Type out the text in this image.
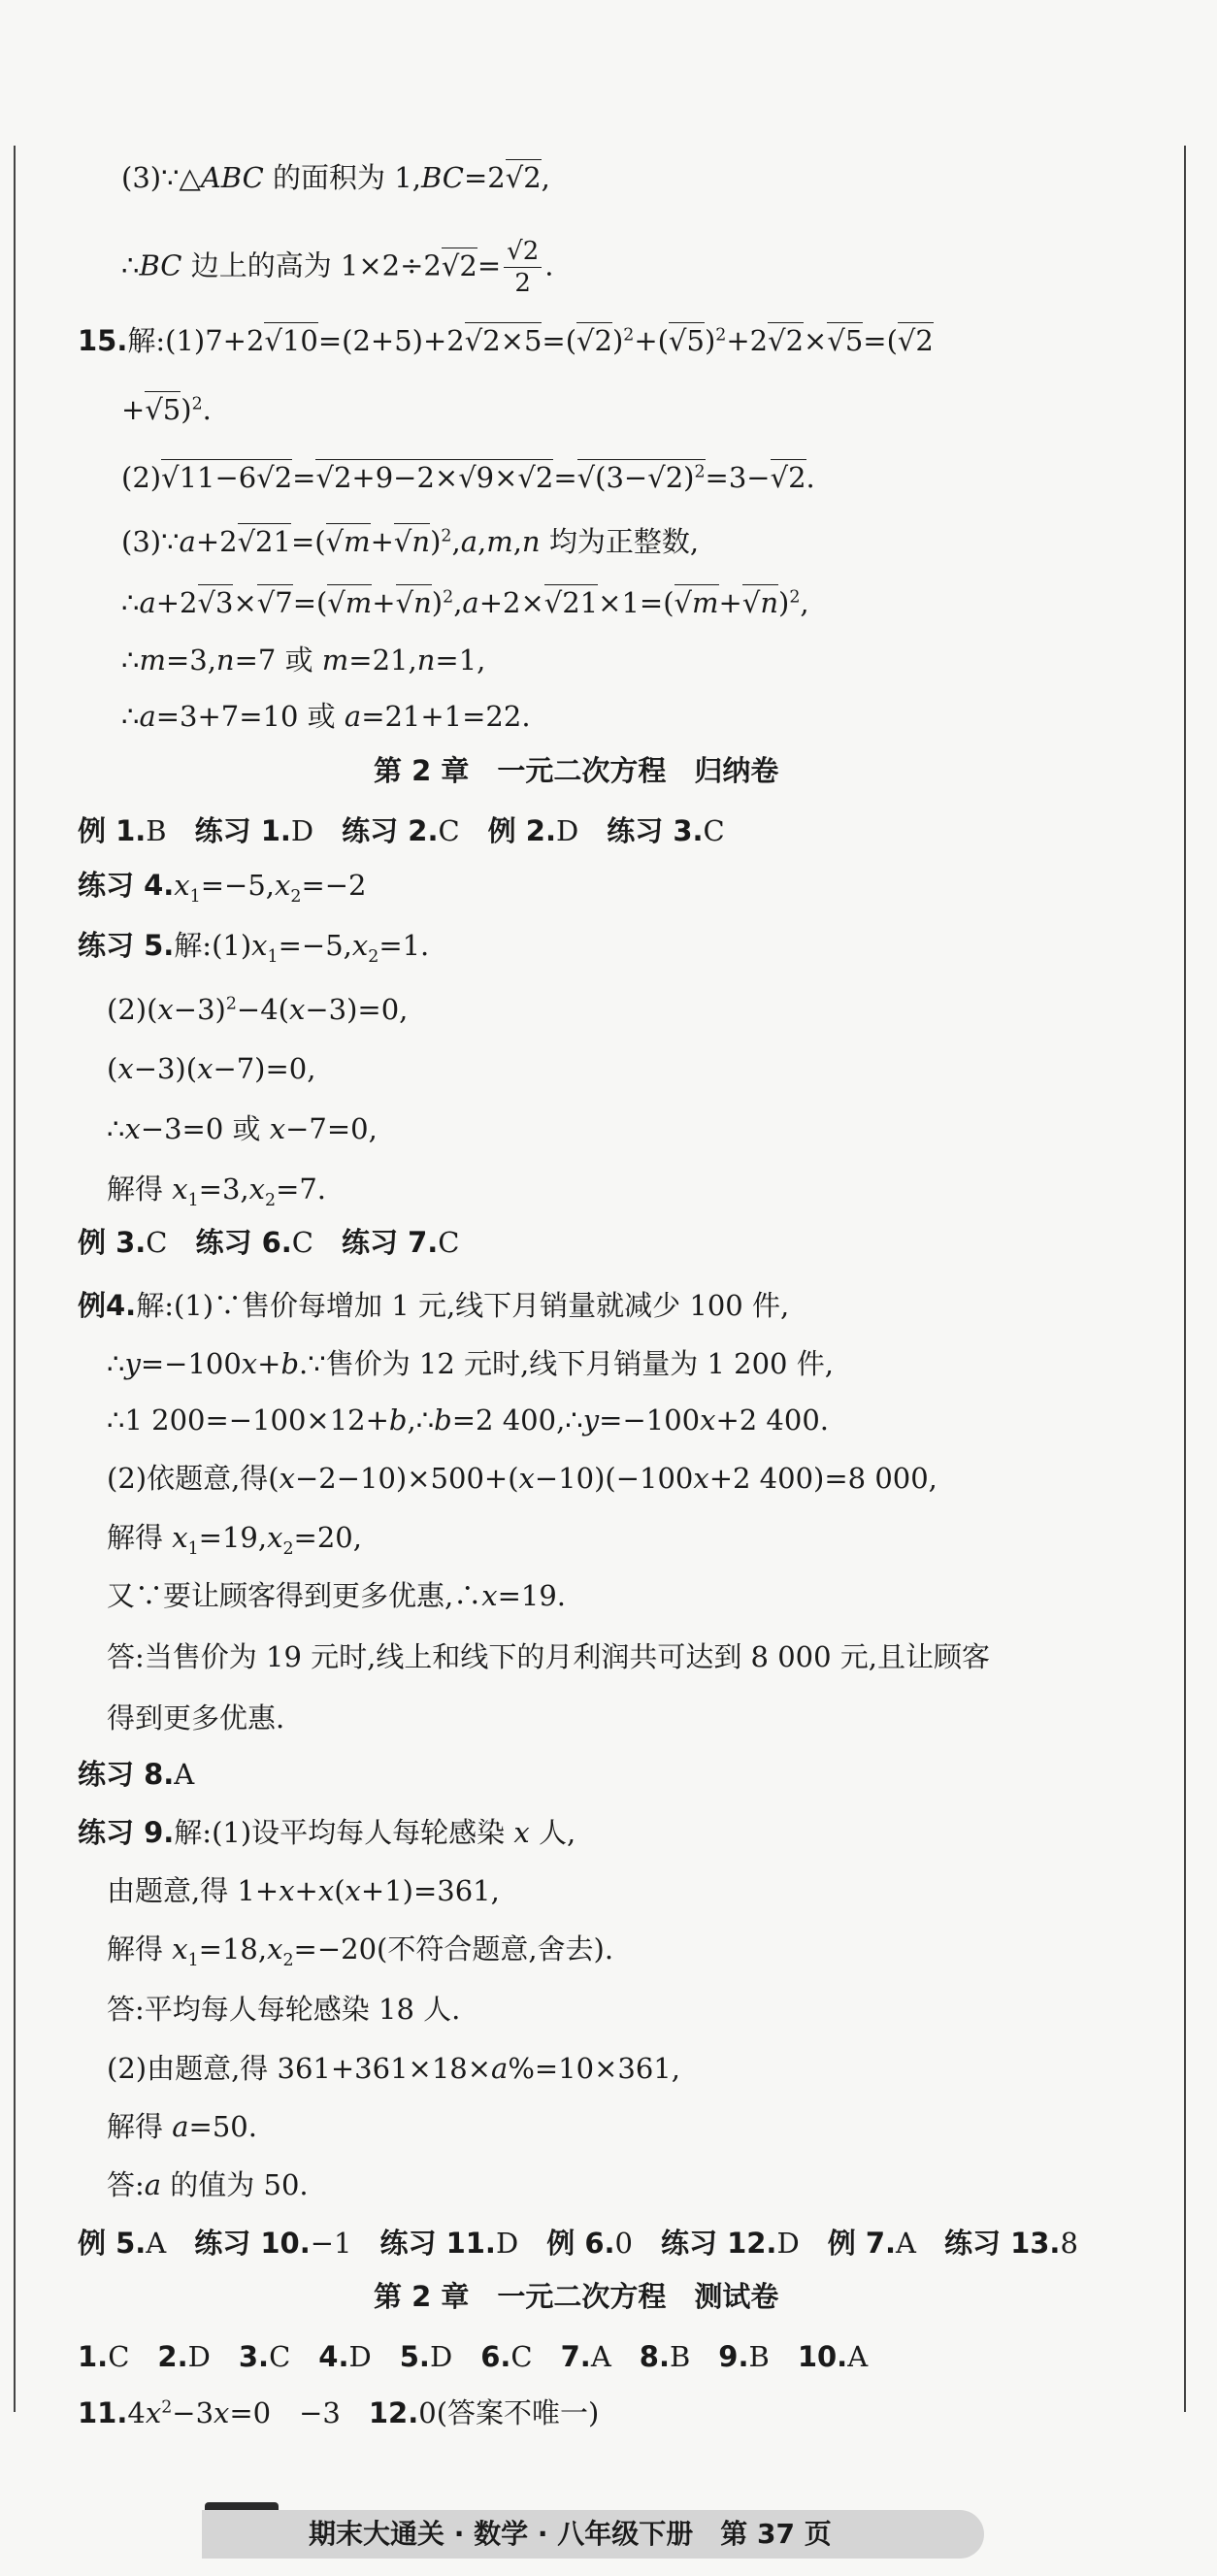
(3)∵△ABC 的面积为 1,BC=2√2,
∴BC 边上的高为 $1\times 2\div 2√2= \frac{√2}{2}$ .
15.解$:(1)7+2√10=(2+5)+2√2\times 5=(√2)^2+(√5)^2+2√2\times√5=(√2$
+√5)$^2$.
$(2)√11-6√2=√2+9-2\times√9\times√2=√(3-√2)^2=3-√2$.
$(3)\because a+2√21=(√m+√n)^2,a,m,n$ 均为正整数,
$\therefore a+2√3\times√7=(√m+√n)^2,a+2\times√21\times 1=(√m+√n)^2$,
∴m=3,n=7 或 m=21,n=1,
∴a=3+7=10 或 a=21+1=22.
第 2 章　一元二次方程　归纳卷
例 1.B　练习 1.D　练习 2.C　例 2.D　练习 3.C
练习 $4.x_1=-5,x_2=-2$
练习 5.解$:(1)x_1=-5,x_2=1$.
$(2)(x-3)^2-4(x-3)=0$,
(x−3)(x−7)=0,
∴x−3=0 或 x−7=0,
解得 $x_1=3,x_2=7$.
例 3.C　练习 6.C　练习 7.C
例4.解:(1)∵售价每增加 1 元,线下月销量就减少 100 件,
∴y=−100x+b.∵售价为 12 元时,线下月销量为 1 200 件,
∴1 200=−100×12+b,∴b=2 400,∴y=−100x+2 400.
(2)依题意,得(x−2−10)×500+(x−10)(−100x+2 400)=8 000,
解得 $x_1=19,x_2=20$,
又∵要让顾客得到更多优惠,∴x=19.
答:当售价为 19 元时,线上和线下的月利润共可达到 8 000 元,且让顾客
得到更多优惠.
练习 8.A
练习 9.解:(1)设平均每人每轮感染 x 人,
由题意,得 1+x+x(x+1)=361,
解得 $x_1=18,x_2=-20$(不符合题意,舍去).
答:平均每人每轮感染 18 人.
(2)由题意,得 361+361×18×a%=10×361,
解得 a=50.
答:a 的值为 50.
例 5.A　练习 10.−1　练习 11.D　例 6.0　练习 12.D　例 7.A　练习 13.8
第 2 章　一元二次方程　测试卷
1.C　2.D　3.C　4.D　5.D　6.C　7.A　8.B　9.B　10.A
$11.4x^2-3x=0$　−3　12.0(答案不唯一)
期末大通关 · 数学 · 八年级下册　第 37 页
